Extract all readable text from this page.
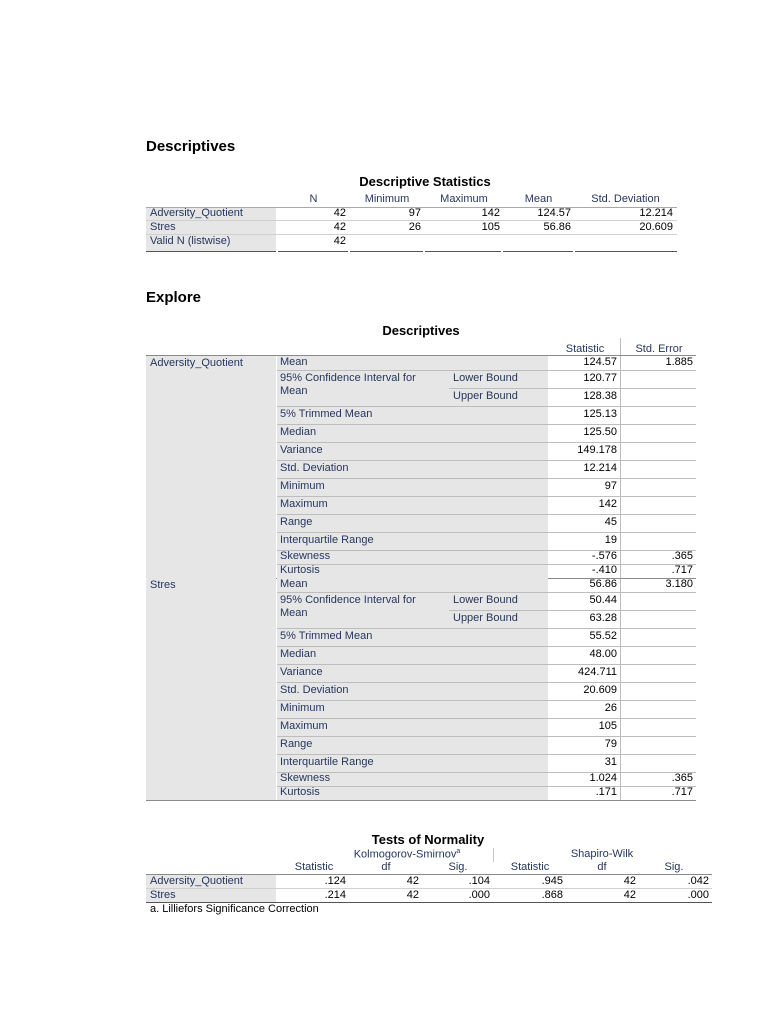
Descriptives
Descriptive Statistics
N	Minimum	Maximum	Mean	Std. Deviation
Adversity_Quotient	42	97	142	124.57	12.214
Stres	42	26	105	56.86	20.609
Valid N (listwise)	42
Explore
Descriptives
Statistic	Std. Error
Adversity_Quotient	Mean	124.57	1.885
95% Confidence Interval for Mean
Lower Bound	120.77
Upper Bound	128.38
5% Trimmed Mean	125.13
Median	125.50
Variance	149.178
Std. Deviation	12.214
Minimum	97
Maximum	142
Range	45
Interquartile Range	19
Skewness	-.576	.365
Kurtosis	-.410	.717
Stres	Mean	56.86	3.180
95% Confidence Interval for Mean
Lower Bound	50.44
Upper Bound	63.28
5% Trimmed Mean	55.52
Median	48.00
Variance	424.711
Std. Deviation	20.609
Minimum	26
Maximum	105
Range	79
Interquartile Range	31
Skewness	1.024	.365
Kurtosis	.171	.717
Tests of Normality
Kolmogorov-Smirnov$^a$	Shapiro-Wilk
Statistic	df	Sig.	Statistic	df	Sig.
Adversity_Quotient	.124	42	.104	.945	42	.042
Stres	.214	42	.000	.868	42	.000
a. Lilliefors Significance Correction
